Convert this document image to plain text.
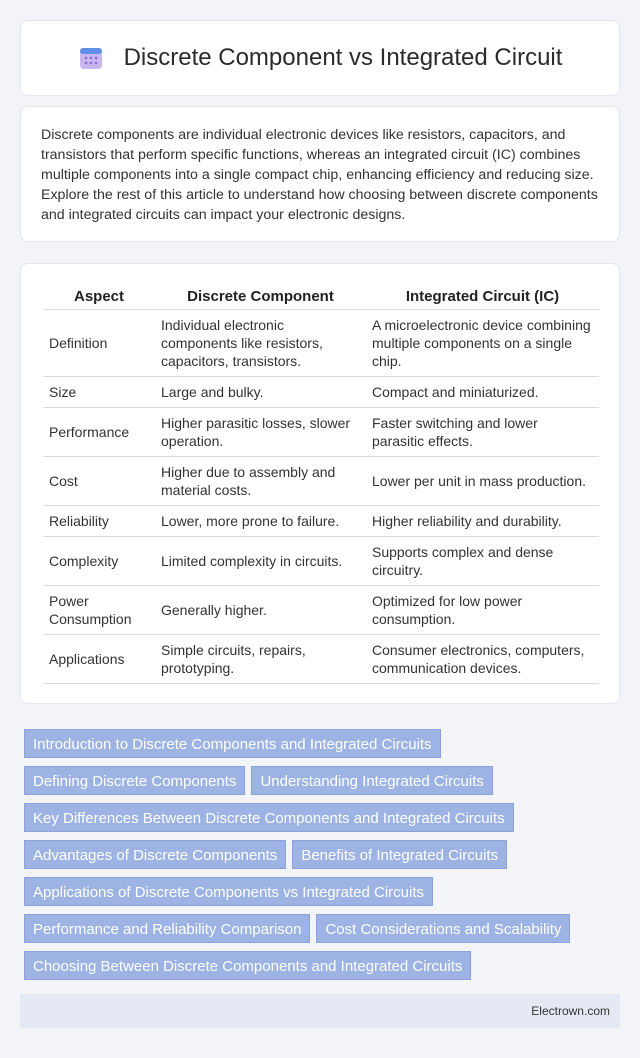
Discrete Component vs Integrated Circuit

Discrete components are individual electronic devices like resistors, capacitors, and transistors that perform specific functions, whereas an integrated circuit (IC) combines multiple components into a single compact chip, enhancing efficiency and reducing size. Explore the rest of this article to understand how choosing between discrete components and integrated circuits can impact your electronic designs.

Aspect	Discrete Component	Integrated Circuit (IC)
Definition	Individual electronic components like resistors, capacitors, transistors.	A microelectronic device combining multiple components on a single chip.
Size	Large and bulky.	Compact and miniaturized.
Performance	Higher parasitic losses, slower operation.	Faster switching and lower parasitic effects.
Cost	Higher due to assembly and material costs.	Lower per unit in mass production.
Reliability	Lower, more prone to failure.	Higher reliability and durability.
Complexity	Limited complexity in circuits.	Supports complex and dense circuitry.
Power Consumption	Generally higher.	Optimized for low power consumption.
Applications	Simple circuits, repairs, prototyping.	Consumer electronics, computers, communication devices.
Introduction to Discrete Components and Integrated Circuits
Defining Discrete Components Understanding Integrated Circuits
Key Differences Between Discrete Components and Integrated Circuits
Advantages of Discrete Components Benefits of Integrated Circuits
Applications of Discrete Components vs Integrated Circuits
Performance and Reliability Comparison Cost Considerations and Scalability
Choosing Between Discrete Components and Integrated Circuits
Electrown.com
